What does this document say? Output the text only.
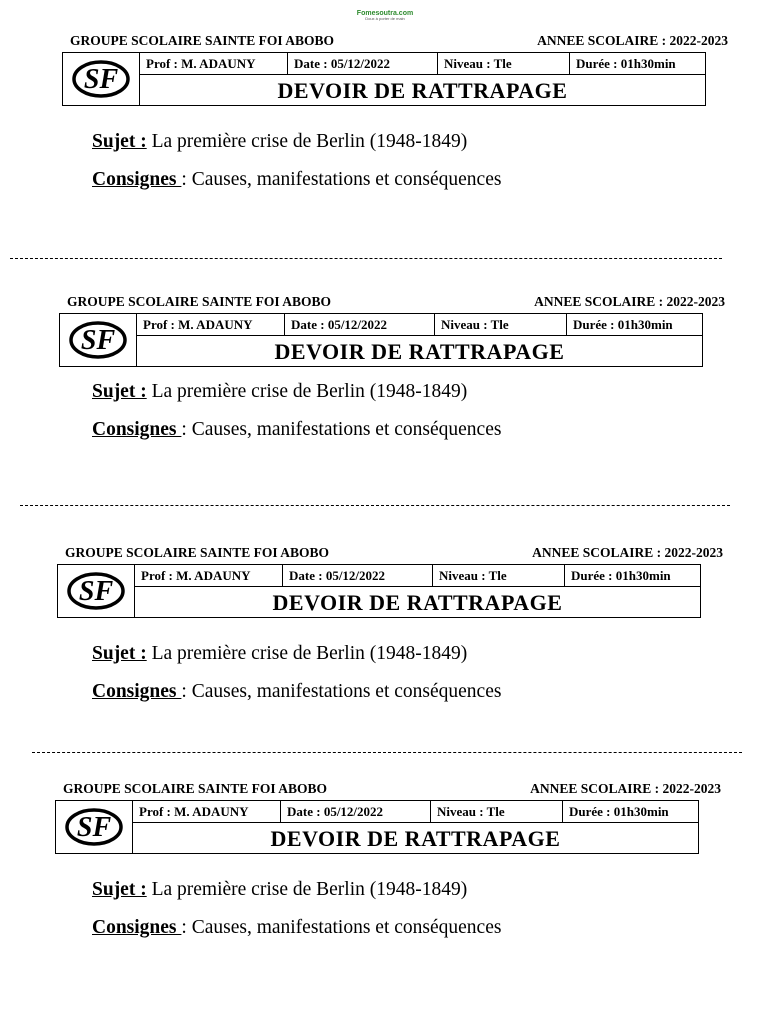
Fomesoutra.com
Doux à porter de main
GROUPE SCOLAIRE SAINTE FOI ABOBO	ANNEE SCOLAIRE : 2022-2023
SF
Prof : M. ADAUNY	Date : 05/12/2022	Niveau : Tle	Durée : 01h30min
DEVOIR DE RATTRAPAGE
Sujet : La première crise de Berlin (1948-1849)
Consignes : Causes, manifestations et conséquences
GROUPE SCOLAIRE SAINTE FOI ABOBO	ANNEE SCOLAIRE : 2022-2023
SF
Prof : M. ADAUNY	Date : 05/12/2022	Niveau : Tle	Durée : 01h30min
DEVOIR DE RATTRAPAGE
Sujet : La première crise de Berlin (1948-1849)
Consignes : Causes, manifestations et conséquences
GROUPE SCOLAIRE SAINTE FOI ABOBO	ANNEE SCOLAIRE : 2022-2023
SF
Prof : M. ADAUNY	Date : 05/12/2022	Niveau : Tle	Durée : 01h30min
DEVOIR DE RATTRAPAGE
Sujet : La première crise de Berlin (1948-1849)
Consignes : Causes, manifestations et conséquences
GROUPE SCOLAIRE SAINTE FOI ABOBO	ANNEE SCOLAIRE : 2022-2023
SF
Prof : M. ADAUNY	Date : 05/12/2022	Niveau : Tle	Durée : 01h30min
DEVOIR DE RATTRAPAGE
Sujet : La première crise de Berlin (1948-1849)
Consignes : Causes, manifestations et conséquences
